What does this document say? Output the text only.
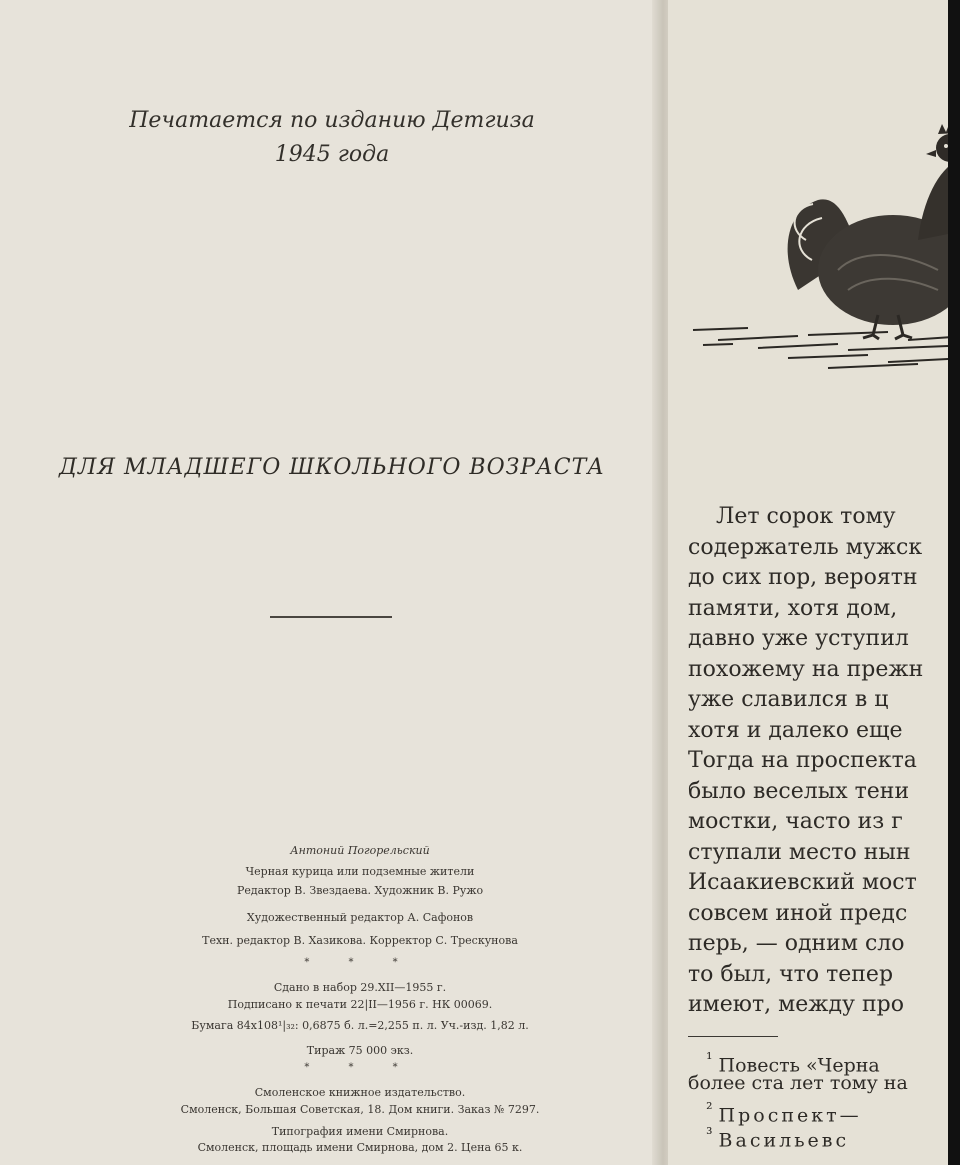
Печатается по изданию Детгиза
1945 года
ДЛЯ МЛАДШЕГО ШКОЛЬНОГО ВОЗРАСТА
Антоний Погорельский
Черная курица или подземные жители
Редактор В. Звездаева. Художник В. Ружо
Художественный редактор А. Сафонов
Техн. редактор В. Хазикова. Корректор С. Трескунова
* * *
Сдано в набор 29.XII—1955 г.
Подписано к печати 22|II—1956 г. НК 00069.
Бумага 84x108¹|₃₂: 0,6875 б. л.=2,255 п. л. Уч.-изд. 1,82 л.
Тираж 75 000 экз.
* * *
Смоленское книжное издательство.
Смоленск, Большая Советская, 18. Дом книги. Заказ № 7297.
Типография имени Смирнова.
Смоленск, площадь имени Смирнова, дом 2. Цена 65 к.
Лет сорок тому
содержатель мужск
до сих пор, вероятн
памяти, хотя дом,
давно уже уступил
похожему на прежн
уже славился в ц
хотя и далеко еще
Тогда на проспекта
было веселых тени
мостки, часто из г
ступали место нын
Исаакиевский мост
совсем иной предс
перь, — одним сло
то был, что тепер
имеют, между про
$^{^1}$ Повесть «Черна
более ста лет тому на
$^{^2}$ Проспект—
$^{^3}$ Васильевс
